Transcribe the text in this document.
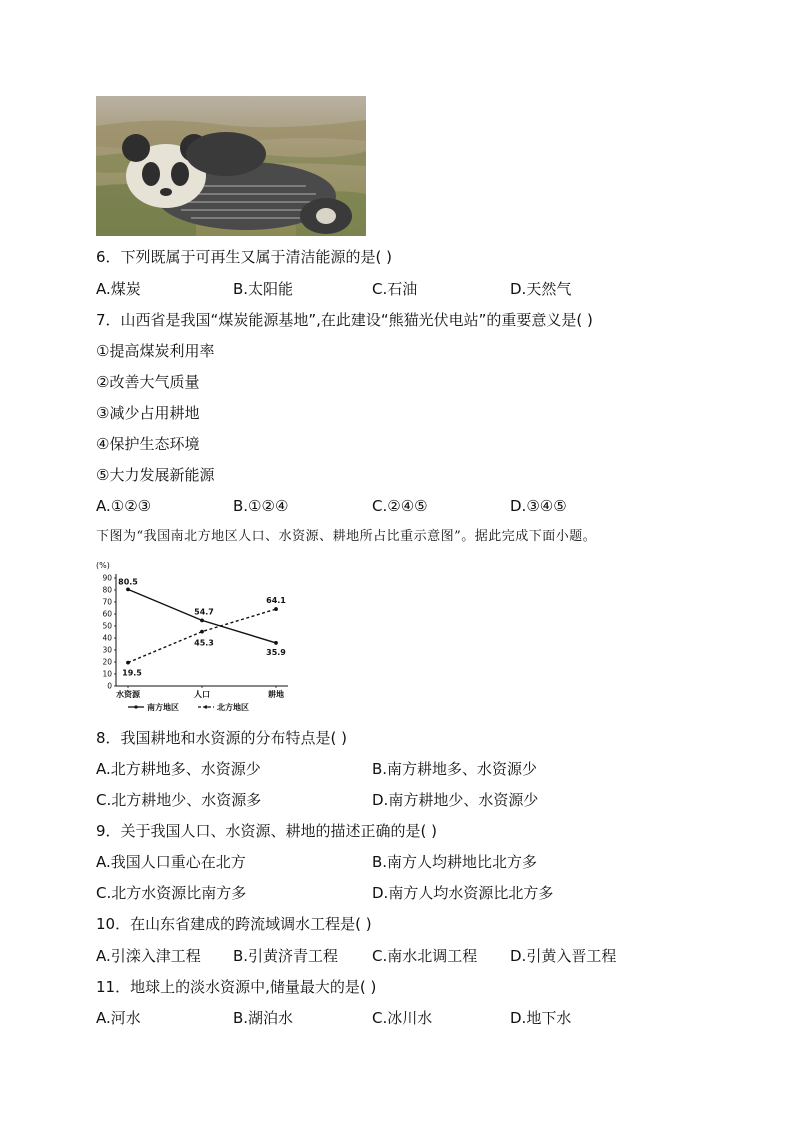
6．下列既属于可再生又属于清洁能源的是( )
A.煤炭	B.太阳能	C.石油	D.天然气
7．山西省是我国“煤炭能源基地”,在此建设“熊猫光伏电站”的重要意义是( )
①提高煤炭利用率
②改善大气质量
③减少占用耕地
④保护生态环境
⑤大力发展新能源
A.①②③	B.①②④	C.②④⑤	D.③④⑤
下图为“我国南北方地区人口、水资源、耕地所占比重示意图”。据此完成下面小题。
(%)
0
10
20
30
40
50
60
70
80
90
水资源	人口	耕地
80.5
54.7
35.9
19.5
45.3
64.1
南方地区	北方地区
8．我国耕地和水资源的分布特点是( )
A.北方耕地多、水资源少	B.南方耕地多、水资源少
C.北方耕地少、水资源多	D.南方耕地少、水资源少
9．关于我国人口、水资源、耕地的描述正确的是( )
A.我国人口重心在北方	B.南方人均耕地比北方多
C.北方水资源比南方多	D.南方人均水资源比北方多
10．在山东省建成的跨流域调水工程是( )
A.引滦入津工程 B.引黄济青工程 C.南水北调工程 D.引黄入晋工程
11．地球上的淡水资源中,储量最大的是( )
A.河水	B.湖泊水	C.冰川水	D.地下水
